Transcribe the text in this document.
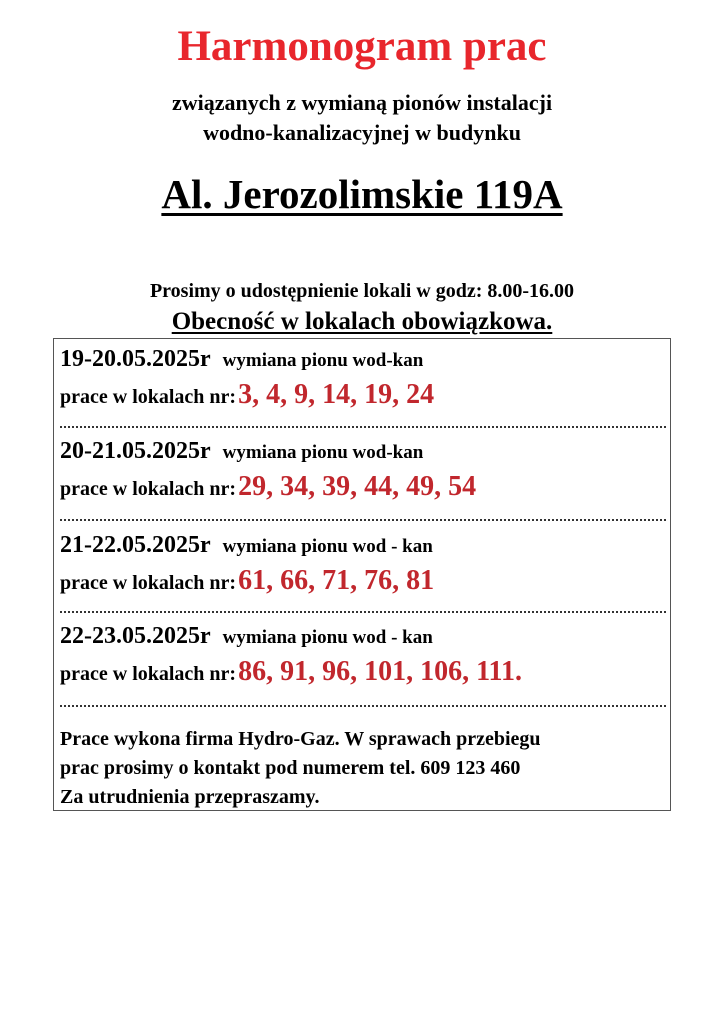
Harmonogram prac
związanych z wymianą pionów instalacji
wodno-kanalizacyjnej w budynku
Al. Jerozolimskie 119A
Prosimy o udostępnienie lokali w godz: 8.00-16.00
Obecność w lokalach obowiązkowa.
19-20.05.2025r wymiana pionu wod-kan
prace w lokalach nr:3, 4, 9, 14, 19, 24
20-21.05.2025r wymiana pionu wod-kan
prace w lokalach nr:29, 34, 39, 44, 49, 54
21-22.05.2025r wymiana pionu wod - kan
prace w lokalach nr:61, 66, 71, 76, 81
22-23.05.2025r wymiana pionu wod - kan
prace w lokalach nr:86, 91, 96, 101, 106, 111.
Prace wykona firma Hydro-Gaz. W sprawach przebiegu
prac prosimy o kontakt pod numerem tel. 609 123 460
Za utrudnienia przepraszamy.
